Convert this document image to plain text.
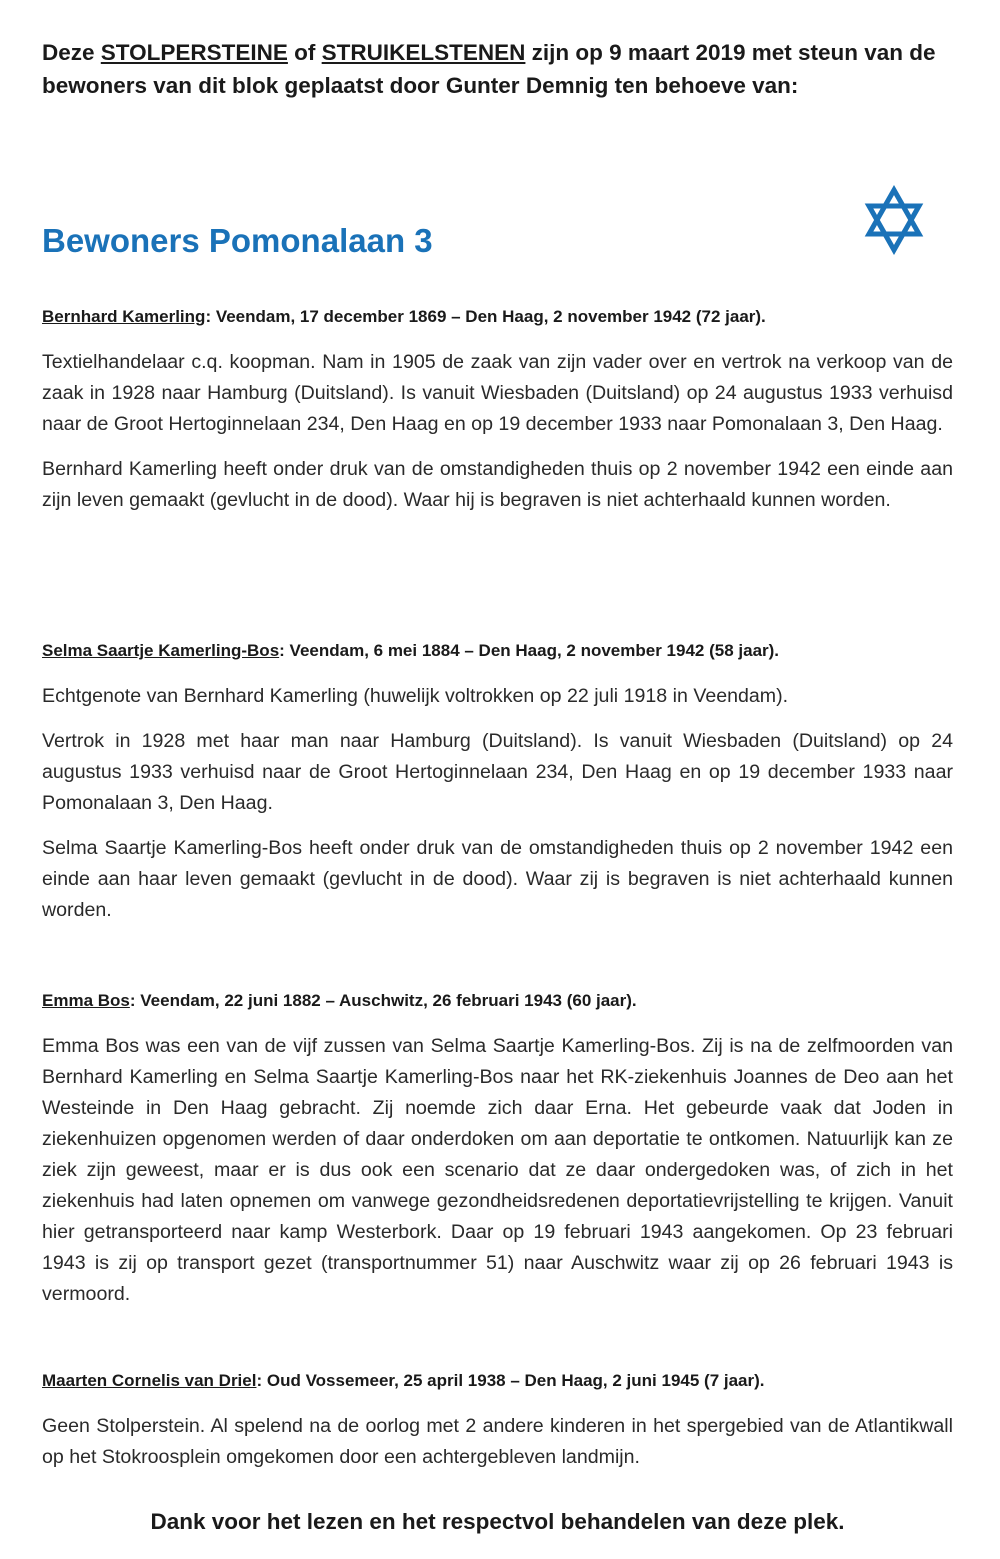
Deze STOLPERSTEINE of STRUIKELSTENEN zijn op 9 maart 2019 met steun van de bewoners van dit blok geplaatst door Gunter Demnig ten behoeve van:
Bewoners Pomonalaan 3

Bernhard Kamerling: Veendam, 17 december 1869 – Den Haag, 2 november 1942 (72 jaar).

Textielhandelaar c.q. koopman. Nam in 1905 de zaak van zijn vader over en vertrok na verkoop van de zaak in 1928 naar Hamburg (Duitsland). Is vanuit Wiesbaden (Duitsland) op 24 augustus 1933 verhuisd naar de Groot Hertoginnelaan 234, Den Haag en op 19 december 1933 naar Pomonalaan 3, Den Haag.

Bernhard Kamerling heeft onder druk van de omstandigheden thuis op 2 november 1942 een einde aan zijn leven gemaakt (gevlucht in de dood). Waar hij is begraven is niet achterhaald kunnen worden.

Selma Saartje Kamerling-Bos: Veendam, 6 mei 1884 – Den Haag, 2 november 1942 (58 jaar).

Echtgenote van Bernhard Kamerling (huwelijk voltrokken op 22 juli 1918 in Veendam).

Vertrok in 1928 met haar man naar Hamburg (Duitsland). Is vanuit Wiesbaden (Duitsland) op 24 augustus 1933 verhuisd naar de Groot Hertoginnelaan 234, Den Haag en op 19 december 1933 naar Pomonalaan 3, Den Haag.

Selma Saartje Kamerling-Bos heeft onder druk van de omstandigheden thuis op 2 november 1942 een einde aan haar leven gemaakt (gevlucht in de dood). Waar zij is begraven is niet achterhaald kunnen worden.

Emma Bos: Veendam, 22 juni 1882 – Auschwitz, 26 februari 1943 (60 jaar).

Emma Bos was een van de vijf zussen van Selma Saartje Kamerling-Bos. Zij is na de zelfmoorden van Bernhard Kamerling en Selma Saartje Kamerling-Bos naar het RK-ziekenhuis Joannes de Deo aan het Westeinde in Den Haag gebracht. Zij noemde zich daar Erna. Het gebeurde vaak dat Joden in ziekenhuizen opgenomen werden of daar onderdoken om aan deportatie te ontkomen. Natuurlijk kan ze ziek zijn geweest, maar er is dus ook een scenario dat ze daar ondergedoken was, of zich in het ziekenhuis had laten opnemen om vanwege gezondheidsredenen deportatievrijstelling te krijgen. Vanuit hier getransporteerd naar kamp Westerbork. Daar op 19 februari 1943 aangekomen. Op 23 februari 1943 is zij op transport gezet (transportnummer 51) naar Auschwitz waar zij op 26 februari 1943 is vermoord.

Maarten Cornelis van Driel: Oud Vossemeer, 25 april 1938 – Den Haag, 2 juni 1945 (7 jaar).

Geen Stolperstein. Al spelend na de oorlog met 2 andere kinderen in het spergebied van de Atlantikwall op het Stokroosplein omgekomen door een achtergebleven landmijn.

Dank voor het lezen en het respectvol behandelen van deze plek.
